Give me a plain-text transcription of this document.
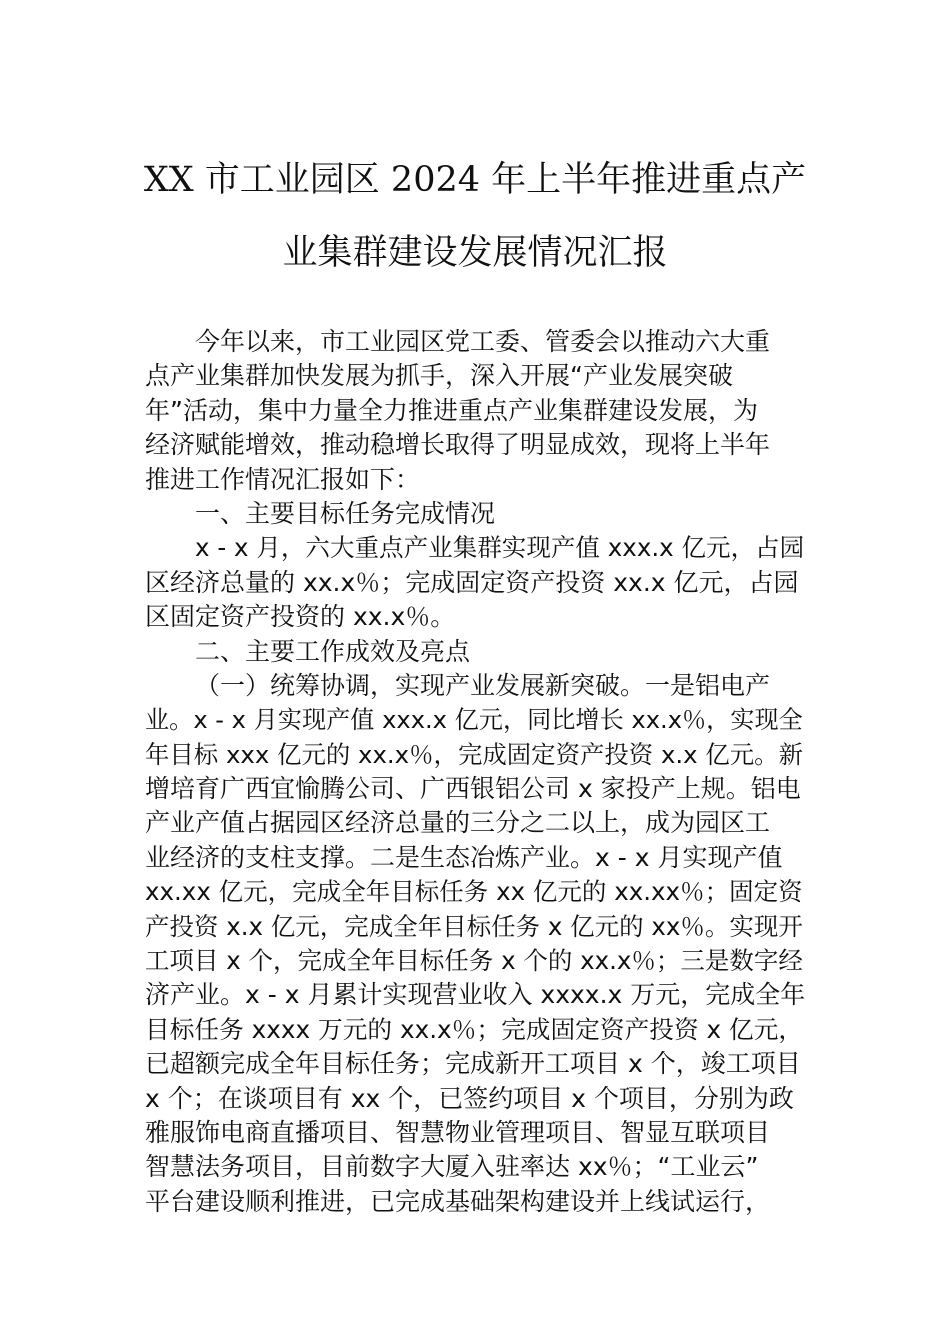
XX 市工业园区 2024 年上半年推进重点产
业集群建设发展情况汇报
今年以来，市工业园区党工委、管委会以推动六大重
点产业集群加快发展为抓手，深入开展“产业发展突破
年”活动，集中力量全力推进重点产业集群建设发展，为
经济赋能增效，推动稳增长取得了明显成效，现将上半年
推进工作情况汇报如下：
一、主要目标任务完成情况
x - x 月，六大重点产业集群实现产值 xxx.x 亿元，占园
区经济总量的 xx.x％；完成固定资产投资 xx.x 亿元，占园
区固定资产投资的 xx.x％。
二、主要工作成效及亮点
（一）统筹协调，实现产业发展新突破。一是铝电产
业。x - x 月实现产值 xxx.x 亿元，同比增长 xx.x％，实现全
年目标 xxx 亿元的 xx.x％，完成固定资产投资 x.x 亿元。新
增培育广西宜愉腾公司、广西银铝公司 x 家投产上规。铝电
产业产值占据园区经济总量的三分之二以上，成为园区工
业经济的支柱支撑。二是生态冶炼产业。x - x 月实现产值
xx.xx 亿元，完成全年目标任务 xx 亿元的 xx.xx％；固定资
产投资 x.x 亿元，完成全年目标任务 x 亿元的 xx％。实现开
工项目 x 个，完成全年目标任务 x 个的 xx.x％；三是数字经
济产业。x - x 月累计实现营业收入 xxxx.x 万元，完成全年
目标任务 xxxx 万元的 xx.x％；完成固定资产投资 x 亿元，
已超额完成全年目标任务；完成新开工项目 x 个，竣工项目
x 个；在谈项目有 xx 个，已签约项目 x 个项目，分别为政
雅服饰电商直播项目、智慧物业管理项目、智显互联项目
智慧法务项目，目前数字大厦入驻率达 xx％；“工业云”
平台建设顺利推进，已完成基础架构建设并上线试运行，
